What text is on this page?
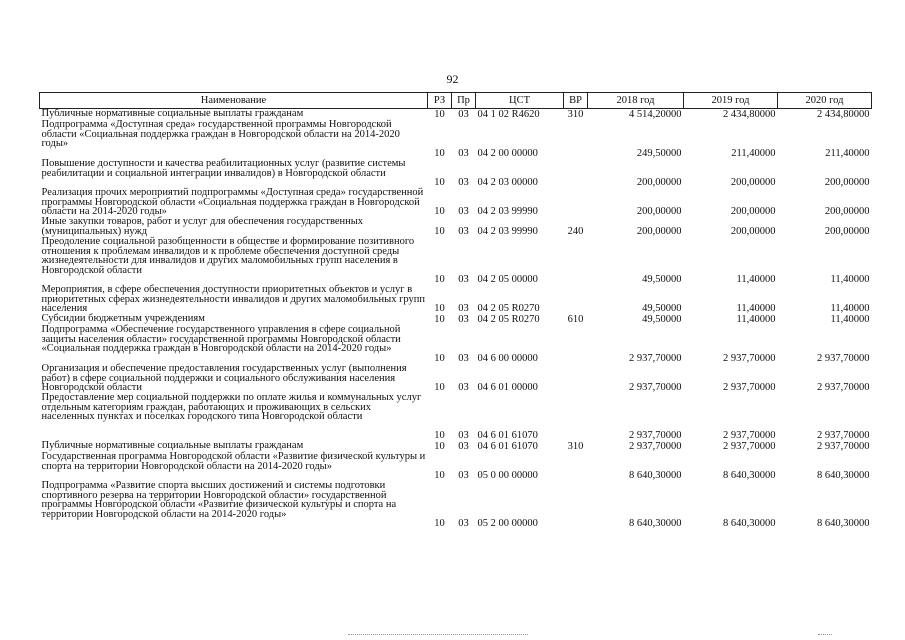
92
Наименование	РЗ	Пр	ЦСТ	ВР	2018 год	2019 год	2020 год
Публичные нормативные социальные выплаты гражданам	10	03	04 1 02 R4620	310	4 514,20000	2 434,80000	2 434,80000
Подпрограмма «Доступная среда» государственной программы Новгородской области «Социальная поддержка граждан в Новгородской области на 2014-2020 годы»	10	03	04 2 00 00000		249,50000	211,40000	211,40000
Повышение доступности и качества реабилитационных услуг (развитие системы реабилитации и социальной интеграции инвалидов) в Новгородской области	10	03	04 2 03 00000		200,00000	200,00000	200,00000
Реализация прочих мероприятий подпрограммы «Доступная среда» государственной программы Новгородской области «Социальная поддержка граждан в Новгородской области на 2014-2020 годы»	10	03	04 2 03 99990		200,00000	200,00000	200,00000
Иные закупки товаров, работ и услуг для обеспечения государственных (муниципальных) нужд	10	03	04 2 03 99990	240	200,00000	200,00000	200,00000
Преодоление социальной разобщенности в обществе и формирование позитивного отношения к проблемам инвалидов и к проблеме обеспечения доступной среды жизнедеятельности для инвалидов и других маломобильных групп населения в Новгородской области	10	03	04 2 05 00000		49,50000	11,40000	11,40000
Мероприятия, в сфере обеспечения доступности приоритетных объектов и услуг в приоритетных сферах жизнедеятельности инвалидов и других маломобильных групп населения	10	03	04 2 05 R0270		49,50000	11,40000	11,40000
Субсидии бюджетным учреждениям	10	03	04 2 05 R0270	610	49,50000	11,40000	11,40000
Подпрограмма «Обеспечение государственного управления в сфере социальной защиты населения области» государственной программы Новгородской области «Социальная поддержка граждан в Новгородской области на 2014-2020 годы»	10	03	04 6 00 00000		2 937,70000	2 937,70000	2 937,70000
Организация и обеспечение предоставления государственных услуг (выполнения работ) в сфере социальной поддержки и социального обслуживания населения Новгородской области	10	03	04 6 01 00000		2 937,70000	2 937,70000	2 937,70000
Предоставление мер социальной поддержки по оплате жилья и коммунальных услуг отдельным категориям граждан, работающих и проживающих в сельских населенных пунктах и поселках городского типа Новгородской области	10	03	04 6 01 61070		2 937,70000	2 937,70000	2 937,70000
Публичные нормативные социальные выплаты гражданам	10	03	04 6 01 61070	310	2 937,70000	2 937,70000	2 937,70000
Государственная программа Новгородской области «Развитие физической культуры и спорта на территории Новгородской области на 2014-2020 годы»	10	03	05 0 00 00000		8 640,30000	8 640,30000	8 640,30000
Подпрограмма «Развитие спорта высших достижений и системы подготовки спортивного резерва на территории Новгородской области» государственной программы Новгородской области «Развитие физической культуры и спорта на территории Новгородской области на 2014-2020 годы»	10	03	05 2 00 00000		8 640,30000	8 640,30000	8 640,30000
